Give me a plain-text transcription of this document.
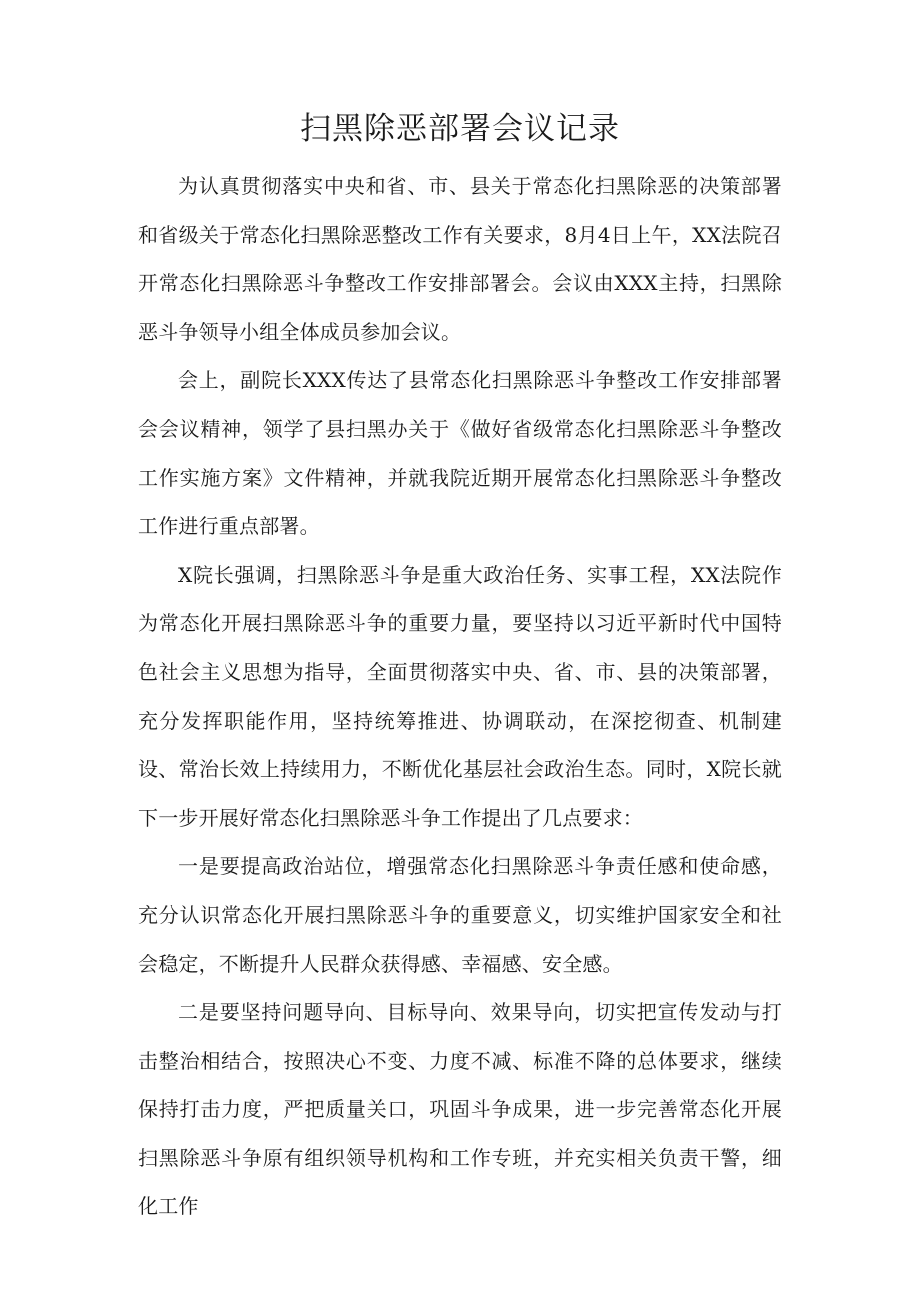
扫黑除恶部署会议记录

为认真贯彻落实中央和省、市、县关于常态化扫黑除恶的决策部署和省级关于常态化扫黑除恶整改工作有关要求，8月4日上午，XX法院召开常态化扫黑除恶斗争整改工作安排部署会。会议由XXX主持，扫黑除恶斗争领导小组全体成员参加会议。

会上，副院长XXX传达了县常态化扫黑除恶斗争整改工作安排部署会会议精神，领学了县扫黑办关于《做好省级常态化扫黑除恶斗争整改工作实施方案》文件精神，并就我院近期开展常态化扫黑除恶斗争整改工作进行重点部署。

X院长强调，扫黑除恶斗争是重大政治任务、实事工程，XX法院作为常态化开展扫黑除恶斗争的重要力量，要坚持以习近平新时代中国特色社会主义思想为指导，全面贯彻落实中央、省、市、县的决策部署，充分发挥职能作用，坚持统筹推进、协调联动，在深挖彻查、机制建设、常治长效上持续用力，不断优化基层社会政治生态。同时，X院长就下一步开展好常态化扫黑除恶斗争工作提出了几点要求：

一是要提高政治站位，增强常态化扫黑除恶斗争责任感和使命感，充分认识常态化开展扫黑除恶斗争的重要意义，切实维护国家安全和社会稳定，不断提升人民群众获得感、幸福感、安全感。

二是要坚持问题导向、目标导向、效果导向，切实把宣传发动与打击整治相结合，按照决心不变、力度不减、标准不降的总体要求，继续保持打击力度，严把质量关口，巩固斗争成果，进一步完善常态化开展扫黑除恶斗争原有组织领导机构和工作专班，并充实相关负责干警，细化工作
